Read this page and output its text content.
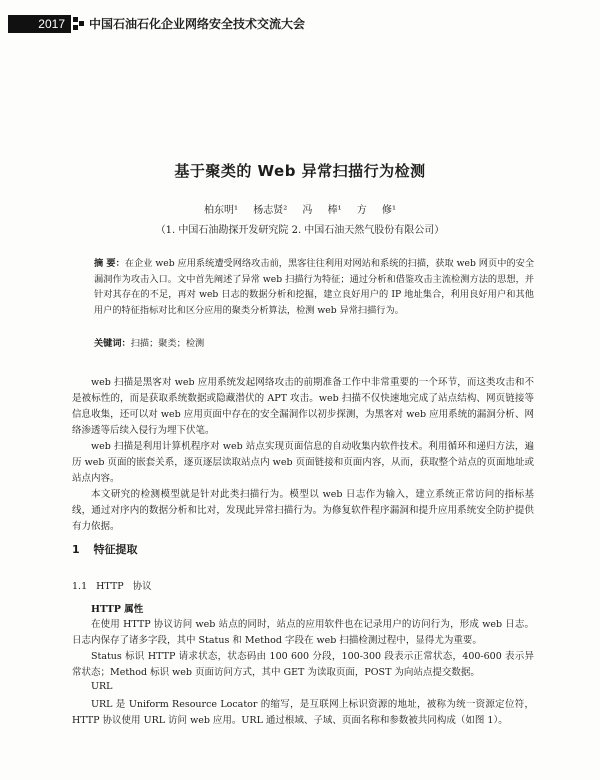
2017	中国石油石化企业网络安全技术交流大会
基于聚类的 Web 异常扫描行为检测
柏东明¹ 杨志贤² 冯 棒¹ 方 修¹
（1. 中国石油勘探开发研究院 2. 中国石油天然气股份有限公司）
摘 要：在企业 web 应用系统遭受网络攻击前，黑客往往利用对网站和系统的扫描，获取 web 网页中的安全漏洞作为攻击入口。文中首先阐述了异常 web 扫描行为特征；通过分析和借鉴攻击主流检测方法的思想，并针对其存在的不足，再对 web 日志的数据分析和挖掘，建立良好用户的 IP 地址集合，利用良好用户和其他用户的特征指标对比和区分应用的聚类分析算法，检测 web 异常扫描行为。
关键词：扫描；聚类；检测

web 扫描是黑客对 web 应用系统发起网络攻击的前期准备工作中非常重要的一个环节，而这类攻击和不是被标性的，而是获取系统数据或隐藏潜伏的 APT 攻击。web 扫描不仅快速地完成了站点结构、网页链接等信息收集，还可以对 web 应用页面中存在的安全漏洞作以初步探测，为黑客对 web 应用系统的漏洞分析、网络渗透等后续入侵行为埋下伏笔。

web 扫描是利用计算机程序对 web 站点实现页面信息的自动收集内软件技术。利用循环和递归方法，遍历 web 页面的嵌套关系，逐页逐层读取站点内 web 页面链接和页面内容，从而，获取整个站点的页面地址或站点内容。

本文研究的检测模型就是针对此类扫描行为。模型以 web 日志作为输入，建立系统正常访问的指标基线，通过对序内的数据分析和比对，发现此异常扫描行为。为修复软件程序漏洞和提升应用系统安全防护提供有力依据。

1 特征提取
1.1 HTTP 协议
HTTP 属性

在使用 HTTP 协议访问 web 站点的同时，站点的应用软件也在记录用户的访问行为，形成 web 日志。日志内保存了诸多字段，其中 Status 和 Method 字段在 web 扫描检测过程中，显得尤为重要。

Status 标识 HTTP 请求状态，状态码由 100 600 分段，100-300 段表示正常状态，400-600 表示异常状态；Method 标识 web 页面访问方式，其中 GET 为读取页面，POST 为向站点提交数据。

URL

URL 是 Uniform Resource Locator 的缩写，是互联网上标识资源的地址，被称为统一资源定位符，HTTP 协议使用 URL 访问 web 应用。URL 通过根域、子域、页面名称和参数被共同构成（如图 1）。
